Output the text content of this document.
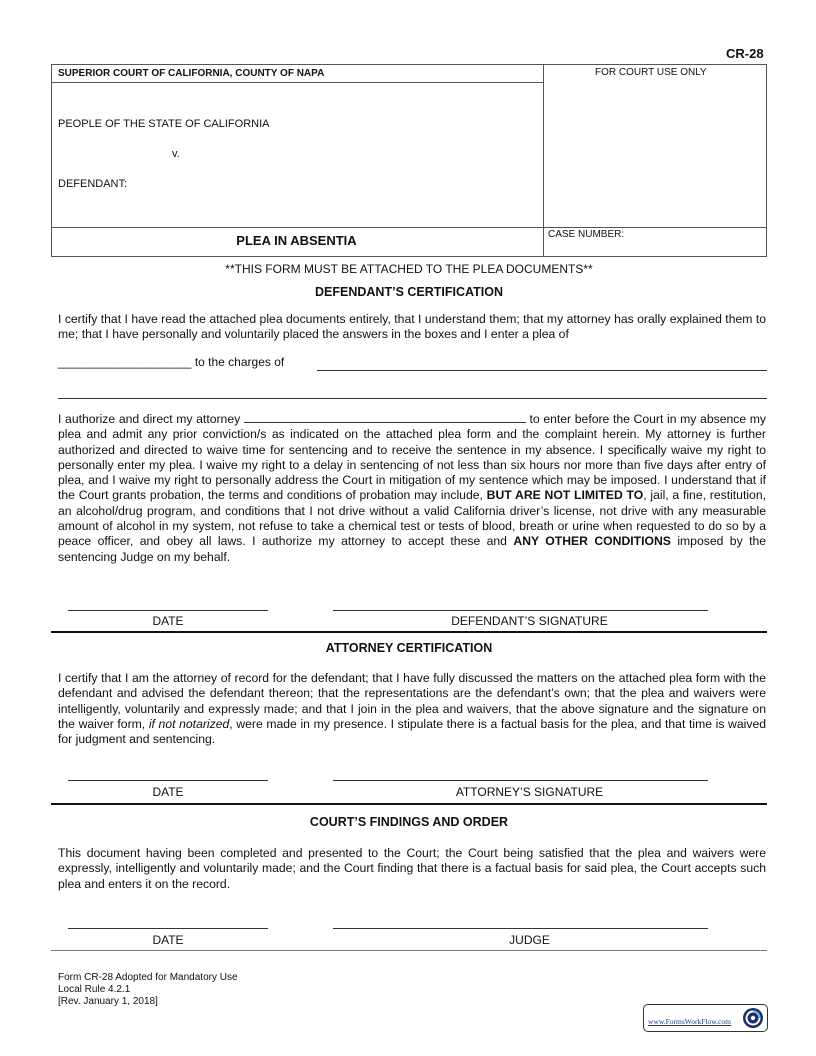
CR-28
SUPERIOR COURT OF CALIFORNIA, COUNTY OF NAPA	FOR COURT USE ONLY
PEOPLE OF THE STATE OF CALIFORNIA
v.
DEFENDANT:
PLEA IN ABSENTIA	CASE NUMBER:
**THIS FORM MUST BE ATTACHED TO THE PLEA DOCUMENTS**
DEFENDANT’S CERTIFICATION
I certify that I have read the attached plea documents entirely, that I understand them; that my attorney has orally explained them to me; that I have personally and voluntarily placed the answers in the boxes and I enter a plea of
____________________ to the charges of
I authorize and direct my attorney	to enter before the Court in my absence my plea and admit any prior conviction/s as indicated on the attached plea form and the complaint herein. My attorney is further authorized and directed to waive time for sentencing and to receive the sentence in my absence. I specifically waive my right to personally enter my plea. I waive my right to a delay in sentencing of not less than six hours nor more than five days after entry of plea, and I waive my right to personally address the Court in mitigation of my sentence which may be imposed. I understand that if the Court grants probation, the terms and conditions of probation may include, BUT ARE NOT LIMITED TO, jail, a fine, restitution, an alcohol/drug program, and conditions that I not drive without a valid California driver’s license, not drive with any measurable amount of alcohol in my system, not refuse to take a chemical test or tests of blood, breath or urine when requested to do so by a peace officer, and obey all laws. I authorize my attorney to accept these and ANY OTHER CONDITIONS imposed by the sentencing Judge on my behalf.
DATE	DEFENDANT’S SIGNATURE
ATTORNEY CERTIFICATION
I certify that I am the attorney of record for the defendant; that I have fully discussed the matters on the attached plea form with the defendant and advised the defendant thereon; that the representations are the defendant’s own; that the plea and waivers were intelligently, voluntarily and expressly made; and that I join in the plea and waivers, that the above signature and the signature on the waiver form, if not notarized, were made in my presence. I stipulate there is a factual basis for the plea, and that time is waived for judgment and sentencing.
DATE	ATTORNEY’S SIGNATURE
COURT’S FINDINGS AND ORDER
This document having been completed and presented to the Court; the Court being satisfied that the plea and waivers were expressly, intelligently and voluntarily made; and the Court finding that there is a factual basis for said plea, the Court accepts such plea and enters it on the record.
DATE	JUDGE
Form CR-28 Adopted for Mandatory Use
Local Rule 4.2.1
[Rev. January 1, 2018]
www.FormsWorkFlow.com
